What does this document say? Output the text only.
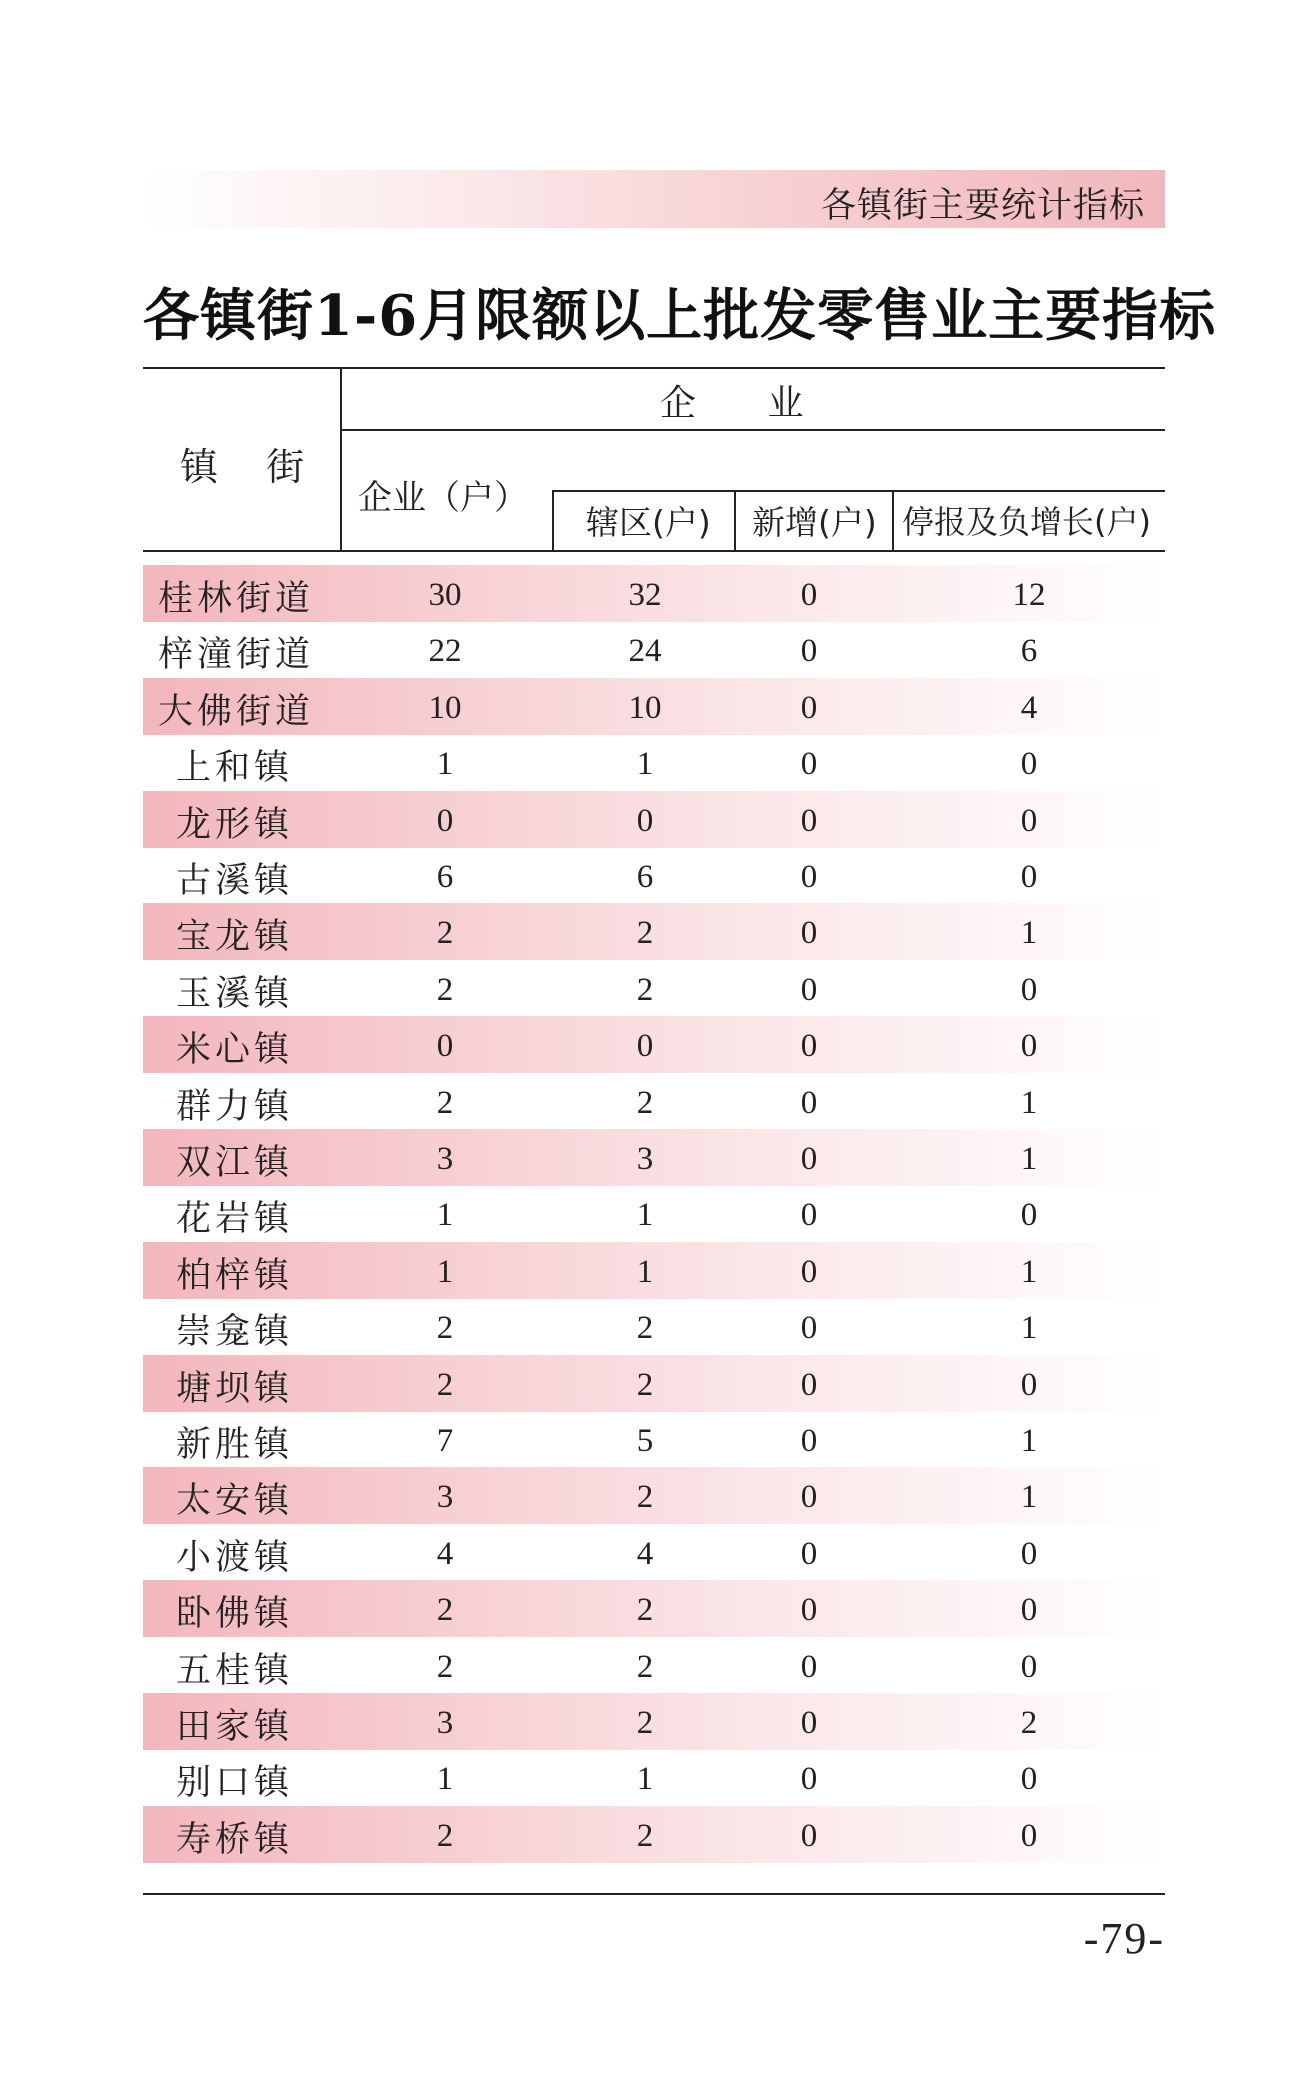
各镇街主要统计指标
各镇街1-6月限额以上批发零售业主要指标
镇 街
企 业
企业（户）
辖区(户) 新增(户) 停报及负增长(户)
桂林街道	30	32	0	12
梓潼街道	22	24	0	6
大佛街道	10	10	0	4
上和镇	1	1	0	0
龙形镇	0	0	0	0
古溪镇	6	6	0	0
宝龙镇	2	2	0	1
玉溪镇	2	2	0	0
米心镇	0	0	0	0
群力镇	2	2	0	1
双江镇	3	3	0	1
花岩镇	1	1	0	0
柏梓镇	1	1	0	1
崇龛镇	2	2	0	1
塘坝镇	2	2	0	0
新胜镇	7	5	0	1
太安镇	3	2	0	1
小渡镇	4	4	0	0
卧佛镇	2	2	0	0
五桂镇	2	2	0	0
田家镇	3	2	0	2
别口镇	1	1	0	0
寿桥镇	2	2	0	0
-79-
